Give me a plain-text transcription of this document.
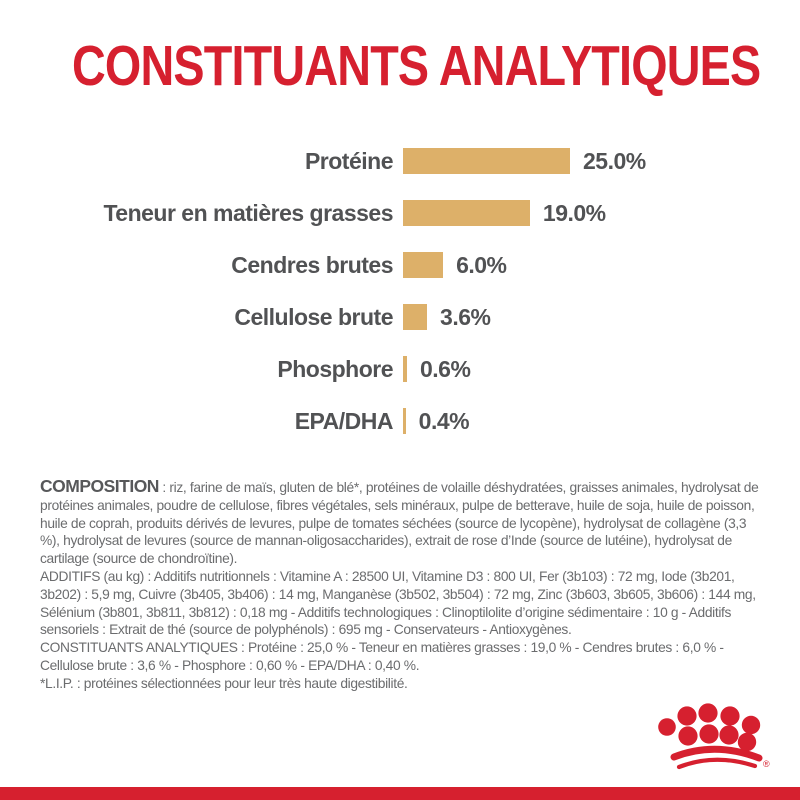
CONSTITUANTS ANALYTIQUES
Protéine	25.0%
Teneur en matières grasses	19.0%
Cendres brutes	6.0%
Cellulose brute 3.6%
Phosphore 0.6%
EPA/DHA 0.4%

COMPOSITION : riz, farine de maïs, gluten de blé*, protéines de volaille déshydratées, graisses animales, hydrolysat de protéines animales, poudre de cellulose, fibres végétales, sels minéraux, pulpe de betterave, huile de soja, huile de poisson, huile de coprah, produits dérivés de levures, pulpe de tomates séchées (source de lycopène), hydrolysat de collagène (3,3 %), hydrolysat de levures (source de mannan-oligosaccharides), extrait de rose d’Inde (source de lutéine), hydrolysat de cartilage (source de chondroïtine).

ADDITIFS (au kg) : Additifs nutritionnels : Vitamine A : 28500 UI, Vitamine D3 : 800 UI, Fer (3b103) : 72 mg, Iode (3b201, 3b202) : 5,9 mg, Cuivre (3b405, 3b406) : 14 mg, Manganèse (3b502, 3b504) : 72 mg, Zinc (3b603, 3b605, 3b606) : 144 mg, Sélénium (3b801, 3b811, 3b812) : 0,18 mg - Additifs technologiques : Clinoptilolite d’origine sédimentaire : 10 g - Additifs sensoriels : Extrait de thé (source de polyphénols) : 695 mg - Conservateurs - Antioxygènes.

CONSTITUANTS ANALYTIQUES : Protéine : 25,0 % - Teneur en matières grasses : 19,0 % - Cendres brutes : 6,0 % - Cellulose brute : 3,6 % - Phosphore : 0,60 % - EPA/DHA : 0,40 %.

*L.I.P. : protéines sélectionnées pour leur très haute digestibilité.

®
